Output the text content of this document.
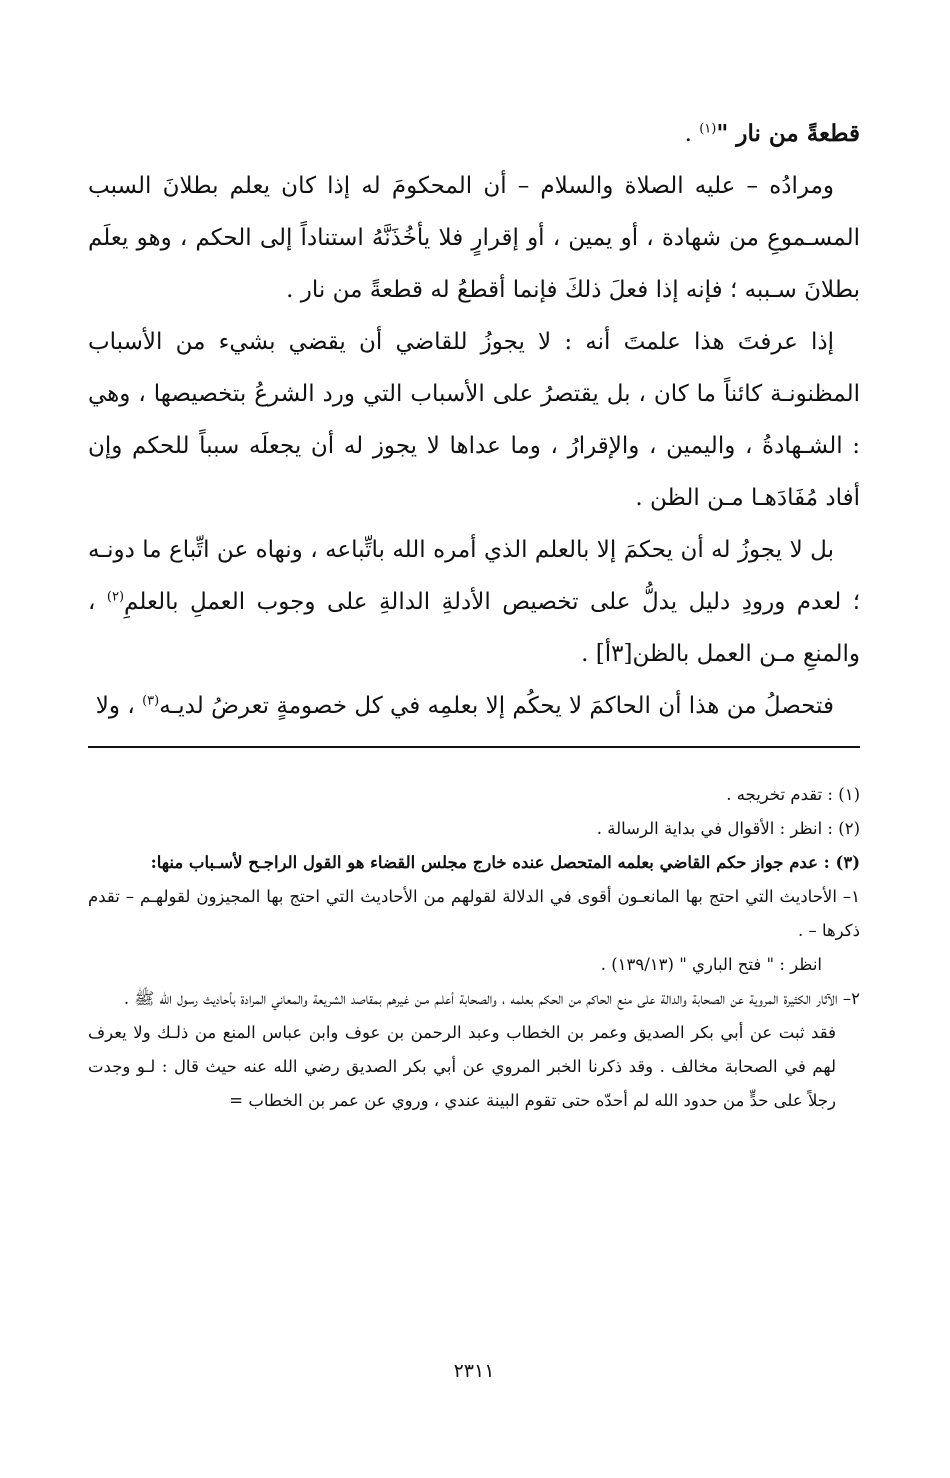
قطعةً من نار "$^{(١)}$ .

ومرادُه – عليه الصلاة والسلام – أن المحكومَ له إذا كان يعلم بطلانَ السبب المسـموعِ من شهادة ، أو يمين ، أو إقرارٍ فلا يأخُذَنَّهُ استناداً إلى الحكم ، وهو يعلَم بطلانَ سـببه ؛ فإنه إذا فعلَ ذلكَ فإنما أقطعُ له قطعةً من نار .

إذا عرفتَ هذا علمتَ أنه : لا يجوزُ للقاضي أن يقضي بشيء من الأسباب المظنونـة كائناً ما كان ، بل يقتصرُ على الأسباب التي ورد الشرعُ بتخصيصها ، وهي : الشـهادةُ ، واليمين ، والإقرارُ ، وما عداها لا يجوز له أن يجعلَه سبباً للحكم وإن أفاد مُفَادَهـا مـن الظن .

بل لا يجوزُ له أن يحكمَ إلا بالعلم الذي أمره الله باتِّباعه ، ونهاه عن اتِّباع ما دونـه ؛ لعدم ورودِ دليل يدلُّ على تخصيص الأدلةِ الدالةِ على وجوب العملِ بالعلمِ$^{(٢)}$ ، والمنعِ مـن العمل بالظن[٣أ] .

فتحصلُ من هذا أن الحاكمَ لا يحكُم إلا بعلمِه في كل خصومةٍ تعرضُ لديـه$^{(٣)}$ ، ولا

(١) : تقدم تخريجه .

(٢) : انظر : الأقوال في بداية الرسالة .

(٣) : عدم جواز حكم القاضي بعلمه المتحصل عنده خارج مجلس القضاء هو القول الراجـح لأسـباب منها:

١– الأحاديث التي احتج بها المانعـون أقوى في الدلالة لقولهم من الأحاديث التي احتج بها المجيزون لقولهـم – تقدم ذكرها – .

انظر : " فتح الباري " (١٣٩/١٣) .

٢– الآثار الكثيرة المروية عن الصحابة والدالة على منع الحاكم من الحكم بعلمه ، والصحابة أعلـم مـن غيرهم بمقاصد الشريعة والمعاني المرادة بأحاديث رسول الله ﷺ .

فقد ثبت عن أبي بكر الصديق وعمر بن الخطاب وعبد الرحمن بن عوف وابن عباس المنع من ذلـك ولا يعرف لهم في الصحابة مخالف . وقد ذكرنا الخبر المروي عن أبي بكر الصديق رضي الله عنه حيث قال : لـو وجدت رجلاً على حدٍّ من حدود الله لم أحدّه حتى تقوم البينة عندي ، وروي عن عمر بن الخطاب =

٢٣١١
